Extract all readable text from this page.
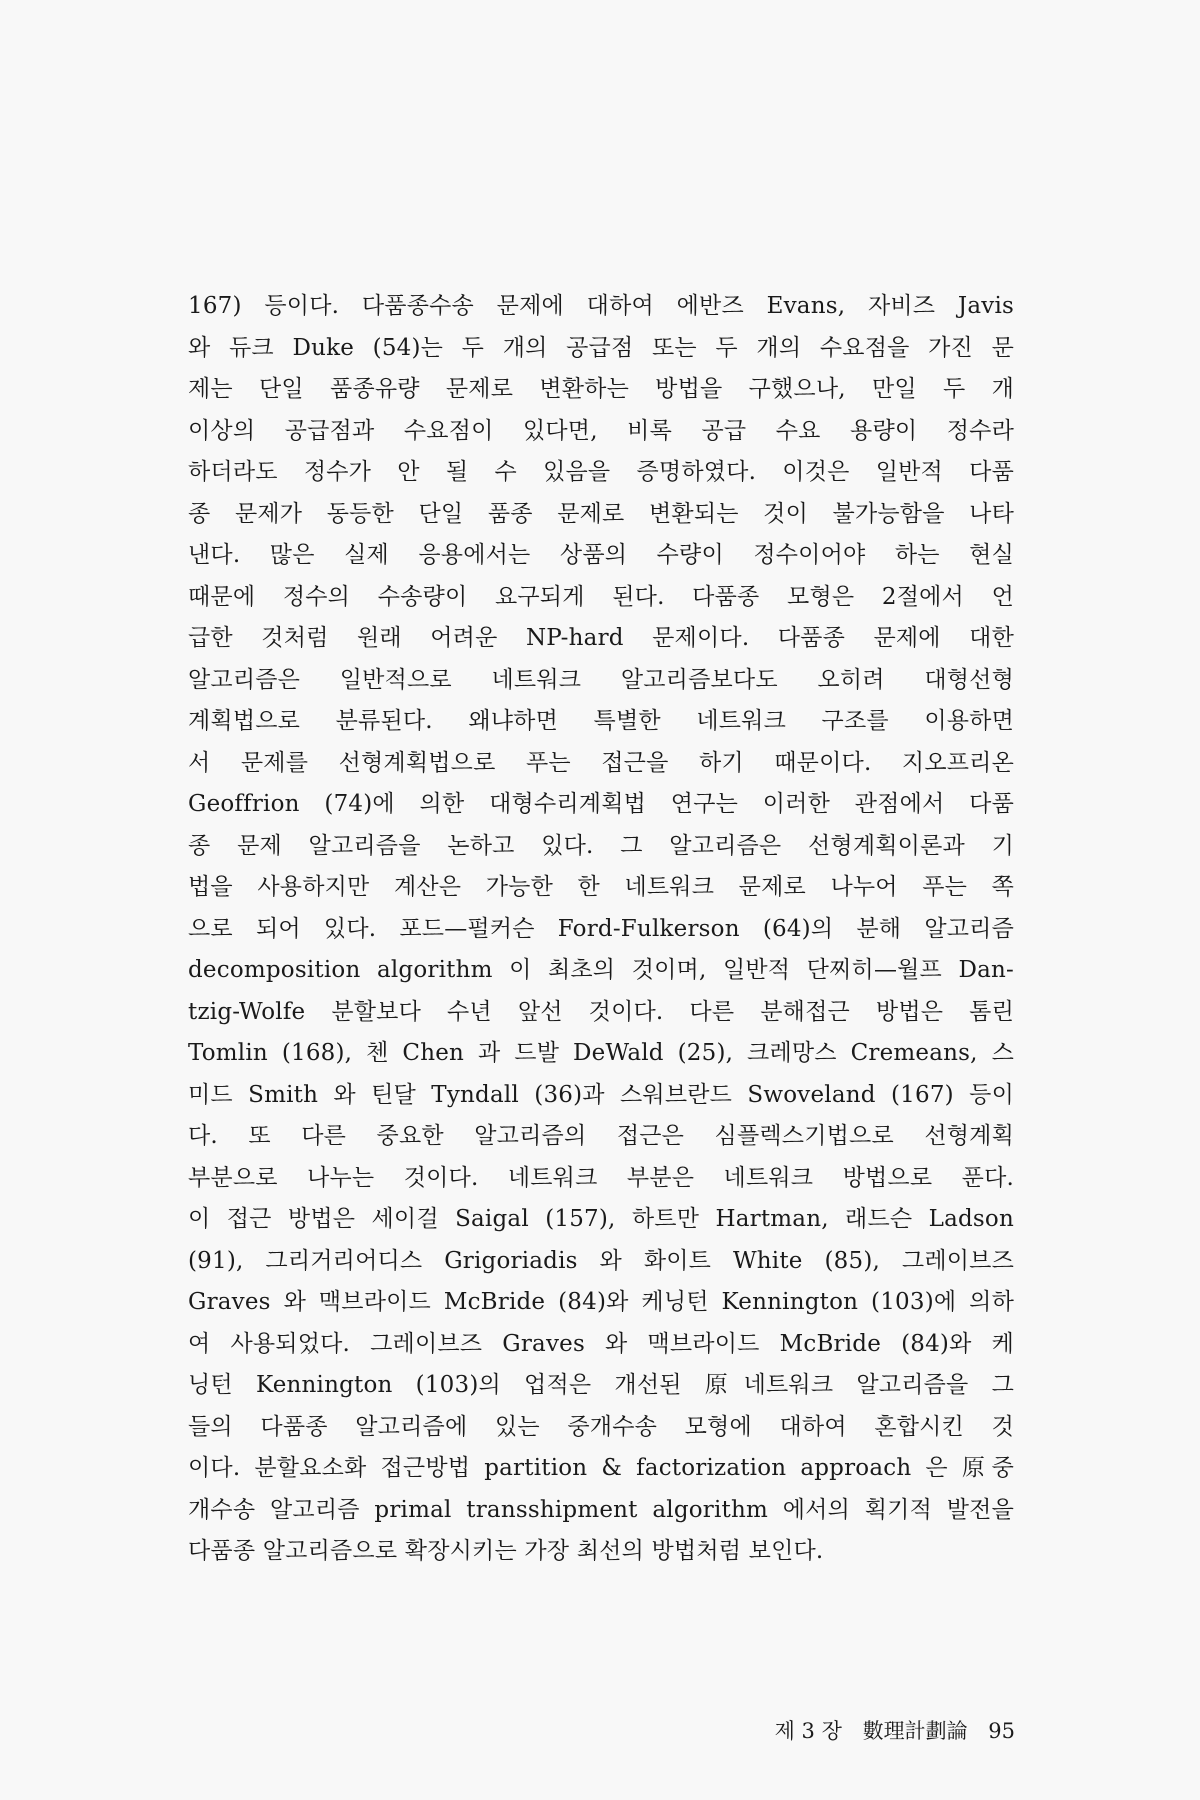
167) 등이다. 다품종수송 문제에 대하여 에반즈 Evans, 자비즈 Javis
와 듀크 Duke (54)는 두 개의 공급점 또는 두 개의 수요점을 가진 문
제는 단일 품종유량 문제로 변환하는 방법을 구했으나, 만일 두 개
이상의 공급점과 수요점이 있다면, 비록 공급 수요 용량이 정수라
하더라도 정수가 안 될 수 있음을 증명하였다. 이것은 일반적 다품
종 문제가 동등한 단일 품종 문제로 변환되는 것이 불가능함을 나타
낸다. 많은 실제 응용에서는 상품의 수량이 정수이어야 하는 현실
때문에 정수의 수송량이 요구되게 된다. 다품종 모형은 2절에서 언
급한 것처럼 원래 어려운 NP-hard 문제이다. 다품종 문제에 대한
알고리즘은 일반적으로 네트워크 알고리즘보다도 오히려 대형선형
계획법으로 분류된다. 왜냐하면 특별한 네트워크 구조를 이용하면
서 문제를 선형계획법으로 푸는 접근을 하기 때문이다. 지오프리온
Geoffrion (74)에 의한 대형수리계획법 연구는 이러한 관점에서 다품
종 문제 알고리즘을 논하고 있다. 그 알고리즘은 선형계획이론과 기
법을 사용하지만 계산은 가능한 한 네트워크 문제로 나누어 푸는 쪽
으로 되어 있다. 포드—펄커슨 Ford-Fulkerson (64)의 분해 알고리즘
decomposition algorithm 이 최초의 것이며, 일반적 단찌히—월프 Dan-
tzig-Wolfe 분할보다 수년 앞선 것이다. 다른 분해접근 방법은 톰린
Tomlin (168), 첸 Chen 과 드발 DeWald (25), 크레망스 Cremeans, 스
미드 Smith 와 틴달 Tyndall (36)과 스워브란드 Swoveland (167) 등이
다. 또 다른 중요한 알고리즘의 접근은 심플렉스기법으로 선형계획
부분으로 나누는 것이다. 네트워크 부분은 네트워크 방법으로 푼다.
이 접근 방법은 세이걸 Saigal (157), 하트만 Hartman, 래드슨 Ladson
(91), 그리거리어디스 Grigoriadis 와 화이트 White (85), 그레이브즈
Graves 와 맥브라이드 McBride (84)와 케닝턴 Kennington (103)에 의하
여 사용되었다. 그레이브즈 Graves 와 맥브라이드 McBride (84)와 케
닝턴 Kennington (103)의 업적은 개선된 原네트워크 알고리즘을 그
들의 다품종 알고리즘에 있는 중개수송 모형에 대하여 혼합시킨 것
이다. 분할요소화 접근방법 partition & factorization approach 은 原중
개수송 알고리즘 primal transshipment algorithm 에서의 획기적 발전을
다품종 알고리즘으로 확장시키는 가장 최선의 방법처럼 보인다.
제 3 장 數理計劃論 95
